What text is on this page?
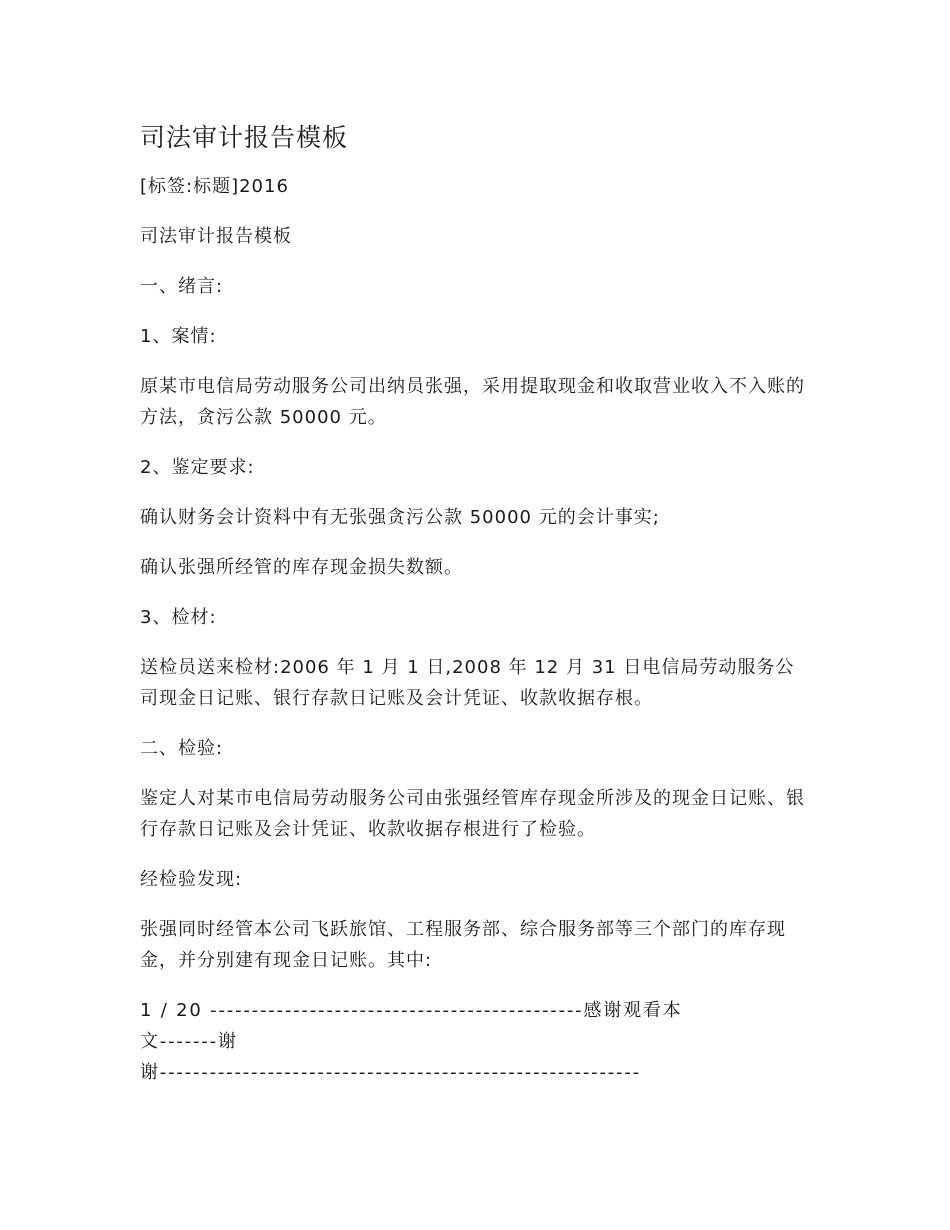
司法审计报告模板

[标签:标题]2016

司法审计报告模板

一、绪言:

1、案情:

原某市电信局劳动服务公司出纳员张强，采用提取现金和收取营业收入不入账的方法，贪污公款 50000 元。

2、鉴定要求:

确认财务会计资料中有无张强贪污公款 50000 元的会计事实;

确认张强所经管的库存现金损失数额。

3、检材:

送检员送来检材:2006 年 1 月 1 日,2008 年 12 月 31 日电信局劳动服务公司现金日记账、银行存款日记账及会计凭证、收款收据存根。

二、检验:

鉴定人对某市电信局劳动服务公司由张强经管库存现金所涉及的现金日记账、银行存款日记账及会计凭证、收款收据存根进行了检验。

经检验发现:

张强同时经管本公司飞跃旅馆、工程服务部、综合服务部等三个部门的库存现金，并分别建有现金日记账。其中:

1 / 20 ---------------------------------------------感谢观看本

文-------谢

谢----------------------------------------------------------
